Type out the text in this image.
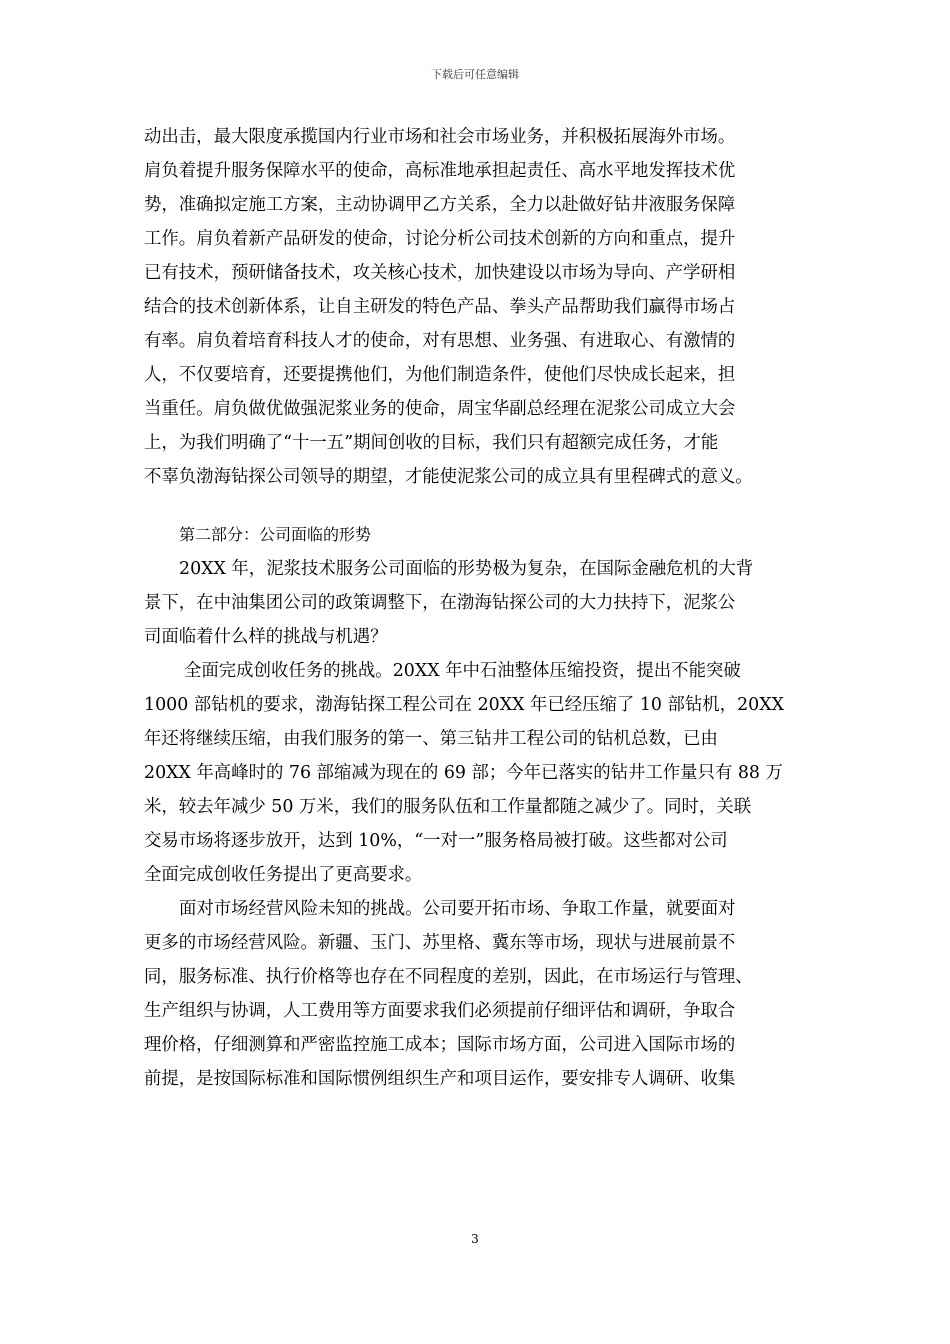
下载后可任意编辑
动出击，最大限度承揽国内行业市场和社会市场业务，并积极拓展海外市场。
肩负着提升服务保障水平的使命，高标准地承担起责任、高水平地发挥技术优
势，准确拟定施工方案，主动协调甲乙方关系，全力以赴做好钻井液服务保障
工作。肩负着新产品研发的使命，讨论分析公司技术创新的方向和重点，提升
已有技术，预研储备技术，攻关核心技术，加快建设以市场为导向、产学研相
结合的技术创新体系，让自主研发的特色产品、拳头产品帮助我们赢得市场占
有率。肩负着培育科技人才的使命，对有思想、业务强、有进取心、有激情的
人，不仅要培育，还要提携他们，为他们制造条件，使他们尽快成长起来，担
当重任。肩负做优做强泥浆业务的使命，周宝华副总经理在泥浆公司成立大会
上，为我们明确了“十一五”期间创收的目标，我们只有超额完成任务，才能
不辜负渤海钻探公司领导的期望，才能使泥浆公司的成立具有里程碑式的意义。
第二部分：公司面临的形势
20XX 年，泥浆技术服务公司面临的形势极为复杂，在国际金融危机的大背
景下，在中油集团公司的政策调整下，在渤海钻探公司的大力扶持下，泥浆公
司面临着什么样的挑战与机遇？
全面完成创收任务的挑战。20XX 年中石油整体压缩投资，提出不能突破
1000 部钻机的要求，渤海钻探工程公司在 20XX 年已经压缩了 10 部钻机，20XX
年还将继续压缩，由我们服务的第一、第三钻井工程公司的钻机总数，已由
20XX 年高峰时的 76 部缩减为现在的 69 部；今年已落实的钻井工作量只有 88 万
米，较去年减少 50 万米，我们的服务队伍和工作量都随之减少了。同时，关联
交易市场将逐步放开，达到 10%，“一对一”服务格局被打破。这些都对公司
全面完成创收任务提出了更高要求。
面对市场经营风险未知的挑战。公司要开拓市场、争取工作量，就要面对
更多的市场经营风险。新疆、玉门、苏里格、冀东等市场，现状与进展前景不
同，服务标准、执行价格等也存在不同程度的差别，因此，在市场运行与管理、
生产组织与协调，人工费用等方面要求我们必须提前仔细评估和调研，争取合
理价格，仔细测算和严密监控施工成本；国际市场方面，公司进入国际市场的
前提，是按国际标准和国际惯例组织生产和项目运作，要安排专人调研、收集
3
